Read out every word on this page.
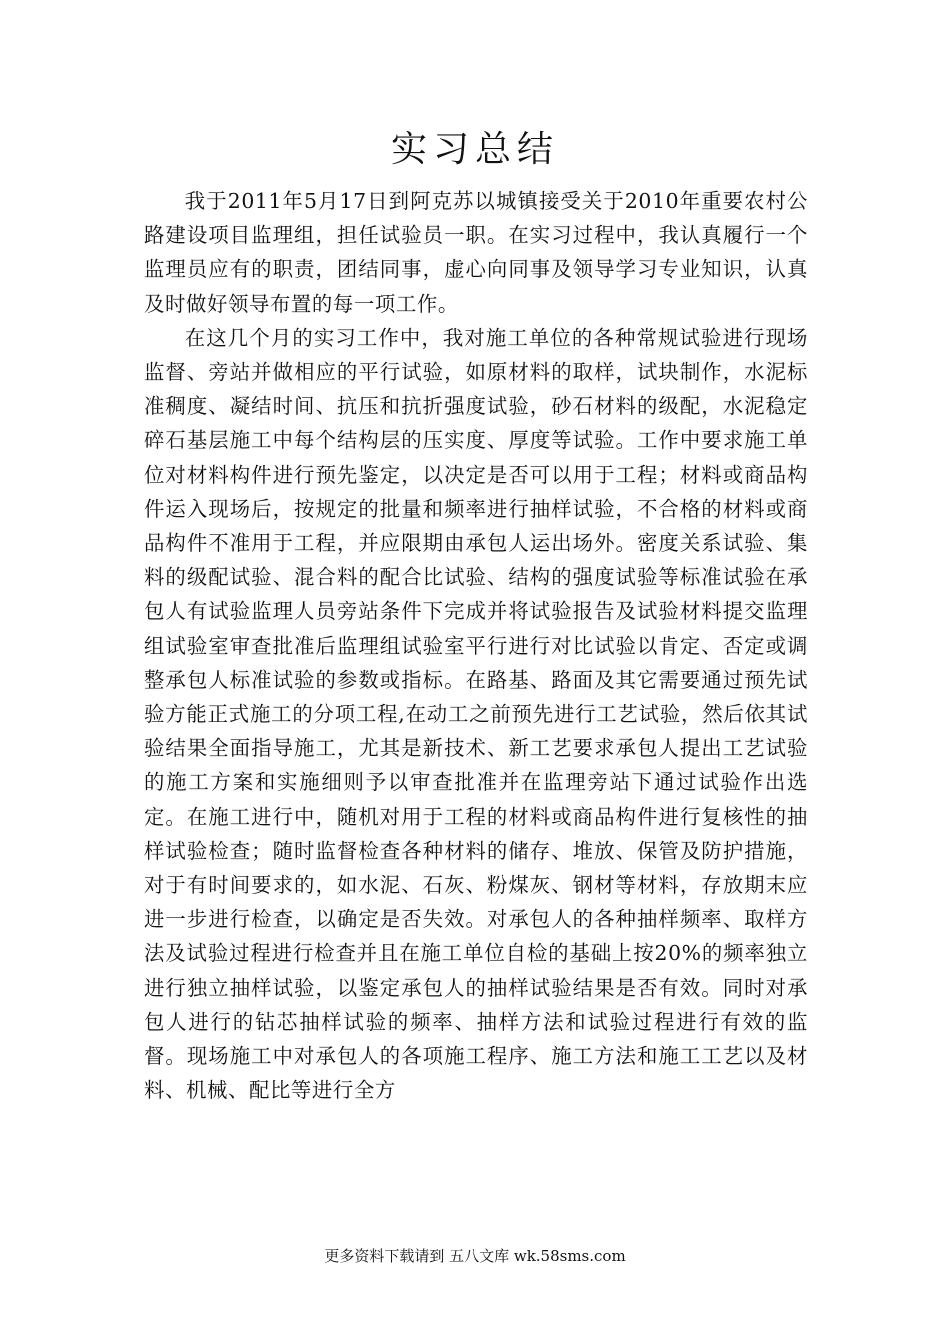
实习总结

我于2011年5月17日到阿克苏以城镇接受关于2010年重要农村公路建设项目监理组，担任试验员一职。在实习过程中，我认真履行一个监理员应有的职责，团结同事，虚心向同事及领导学习专业知识，认真及时做好领导布置的每一项工作。

在这几个月的实习工作中，我对施工单位的各种常规试验进行现场监督、旁站并做相应的平行试验，如原材料的取样，试块制作，水泥标准稠度、凝结时间、抗压和抗折强度试验，砂石材料的级配，水泥稳定碎石基层施工中每个结构层的压实度、厚度等试验。工作中要求施工单位对材料构件进行预先鉴定，以决定是否可以用于工程；材料或商品构件运入现场后，按规定的批量和频率进行抽样试验，不合格的材料或商品构件不准用于工程，并应限期由承包人运出场外。密度关系试验、集料的级配试验、混合料的配合比试验、结构的强度试验等标准试验在承包人有试验监理人员旁站条件下完成并将试验报告及试验材料提交监理组试验室审查批准后监理组试验室平行进行对比试验以肯定、否定或调整承包人标准试验的参数或指标。在路基、路面及其它需要通过预先试验方能正式施工的分项工程,在动工之前预先进行工艺试验，然后依其试验结果全面指导施工，尤其是新技术、新工艺要求承包人提出工艺试验的施工方案和实施细则予以审查批准并在监理旁站下通过试验作出选定。在施工进行中，随机对用于工程的材料或商品构件进行复核性的抽样试验检查；随时监督检查各种材料的储存、堆放、保管及防护措施，对于有时间要求的，如水泥、石灰、粉煤灰、钢材等材料，存放期末应进一步进行检查，以确定是否失效。对承包人的各种抽样频率、取样方法及试验过程进行检查并且在施工单位自检的基础上按20%的频率独立进行独立抽样试验，以鉴定承包人的抽样试验结果是否有效。同时对承包人进行的钻芯抽样试验的频率、抽样方法和试验过程进行有效的监督。现场施工中对承包人的各项施工程序、施工方法和施工工艺以及材料、机械、配比等进行全方

更多资料下载请到 五八文库 wk.58sms.com
